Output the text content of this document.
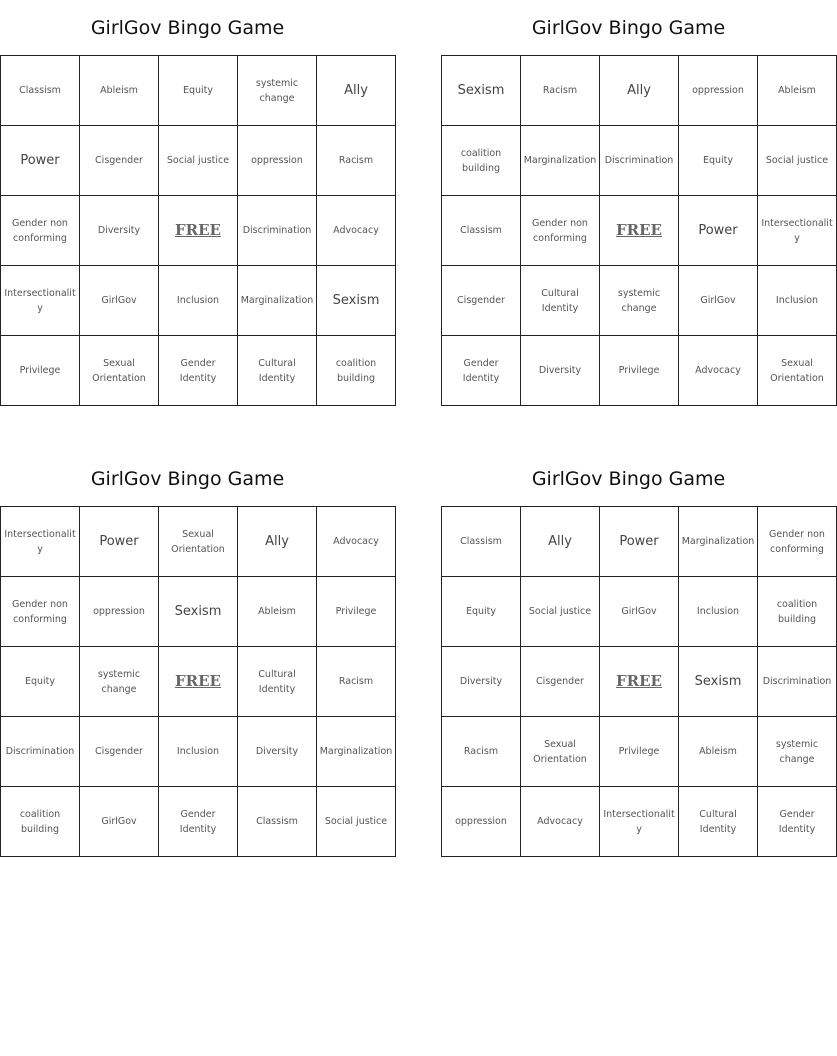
GirlGov Bingo Game
Classism	Ableism	Equity	systemic change	Ally
Power	Cisgender	Social justice	oppression	Racism
Gender non conforming	Diversity	FREE	Discrimination	Advocacy
Intersectionality	GirlGov	Inclusion	Marginalization	Sexism
Privilege	Sexual Orientation	Gender Identity	Cultural Identity	coalition building
GirlGov Bingo Game
Sexism	Racism	Ally	oppression	Ableism
coalition building	Marginalization	Discrimination	Equity	Social justice
Classism	Gender non conforming	FREE	Power	Intersectionality
Cisgender	Cultural Identity	systemic change	GirlGov	Inclusion
Gender Identity	Diversity	Privilege	Advocacy	Sexual Orientation
GirlGov Bingo Game
Intersectionality	Power	Sexual Orientation	Ally	Advocacy
Gender non conforming	oppression	Sexism	Ableism	Privilege
Equity	systemic change	FREE	Cultural Identity	Racism
Discrimination	Cisgender	Inclusion	Diversity	Marginalization
coalition building	GirlGov	Gender Identity	Classism	Social justice
GirlGov Bingo Game
Classism	Ally	Power	Marginalization	Gender non conforming
Equity	Social justice	GirlGov	Inclusion	coalition building
Diversity	Cisgender	FREE	Sexism	Discrimination
Racism	Sexual Orientation	Privilege	Ableism	systemic change
oppression	Advocacy	Intersectionality	Cultural Identity	Gender Identity
